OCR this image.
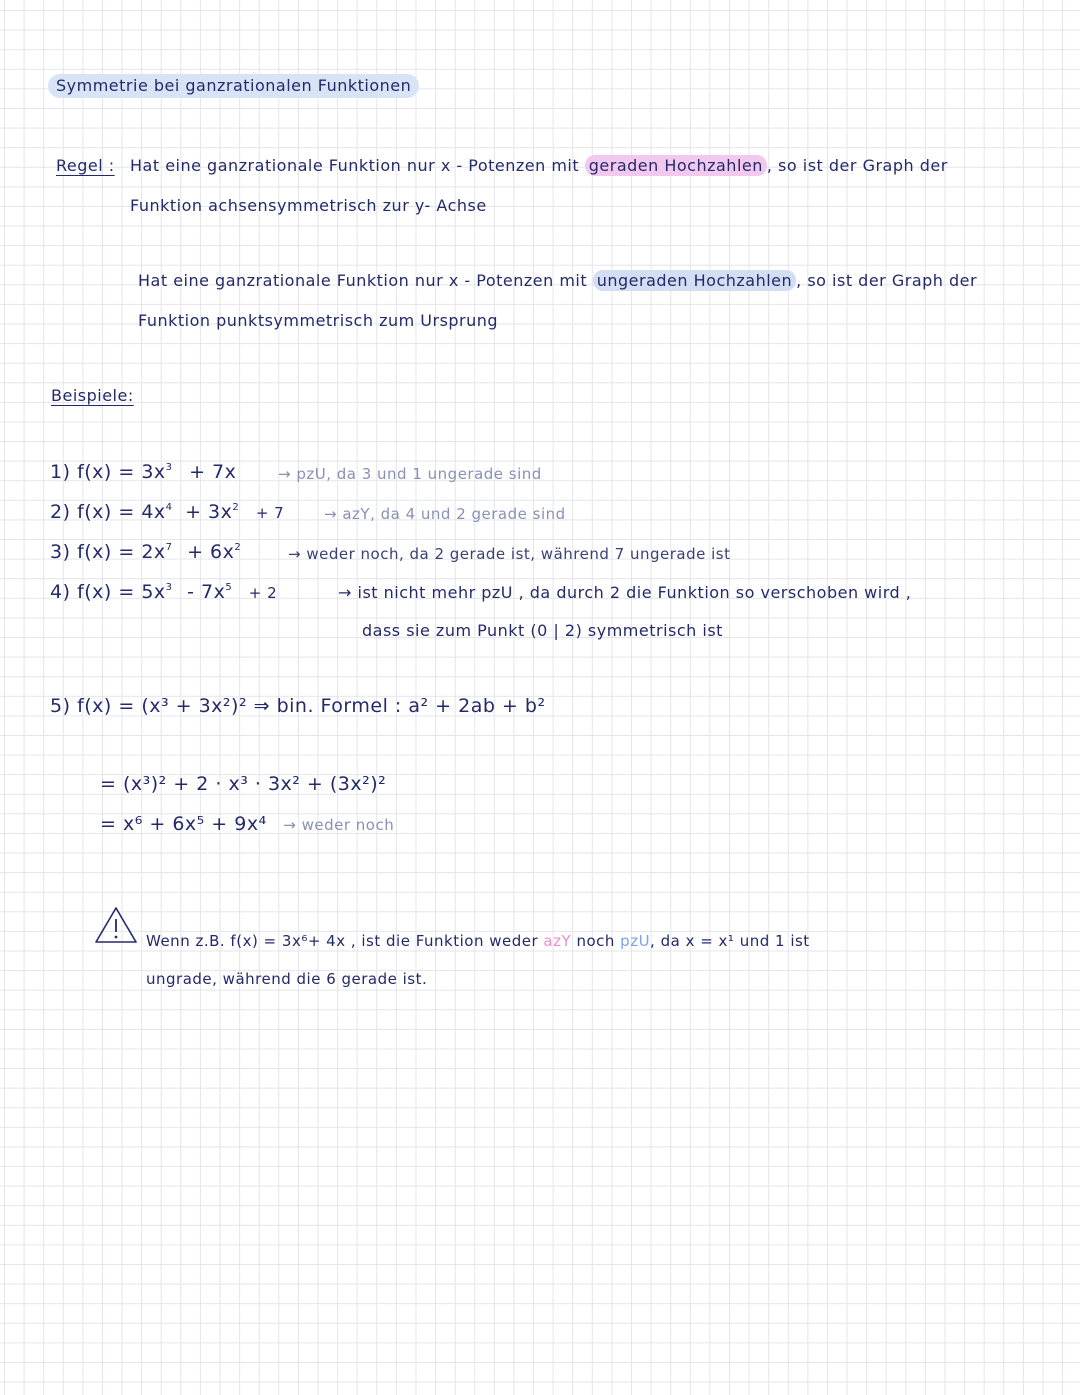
Symmetrie bei ganzrationalen Funktionen
Regel : Hat eine ganzrationale Funktion nur x - Potenzen mit geraden Hochzahlen , so ist der Graph der
Funktion achsensymmetrisch zur y- Achse
Hat eine ganzrationale Funktion nur x - Potenzen mit ungeraden Hochzahlen , so ist der Graph der
Funktion punktsymmetrisch zum Ursprung
Beispiele:
1) $f(x) = 3x^3 + 7x$	→ pzU, da 3 und 1 ungerade sind
2) $f(x) = 4x^4 + 3x^2 + 7$	→ azY, da 4 und 2 gerade sind
3) $f(x) = 2x^7 + 6x^2$	→ weder noch, da 2 gerade ist, während 7 ungerade ist
4) $f(x) = 5x^3 - 7x^5 + 2$	→ ist nicht mehr pzU , da durch 2 die Funktion so verschoben wird ,
dass sie zum Punkt (0 | 2) symmetrisch ist
5) f(x) = (x³ + 3x²)² ⇒ bin. Formel : a² + 2ab + b²
= (x³)² + 2 · x³ · 3x² + (3x²)²
= x⁶ + 6x⁵ + 9x⁴ → weder noch
Wenn z.B. f(x) = 3x⁶+ 4x , ist die Funktion weder azY noch pzU, da x = x¹ und 1 ist
ungrade, während die 6 gerade ist.
